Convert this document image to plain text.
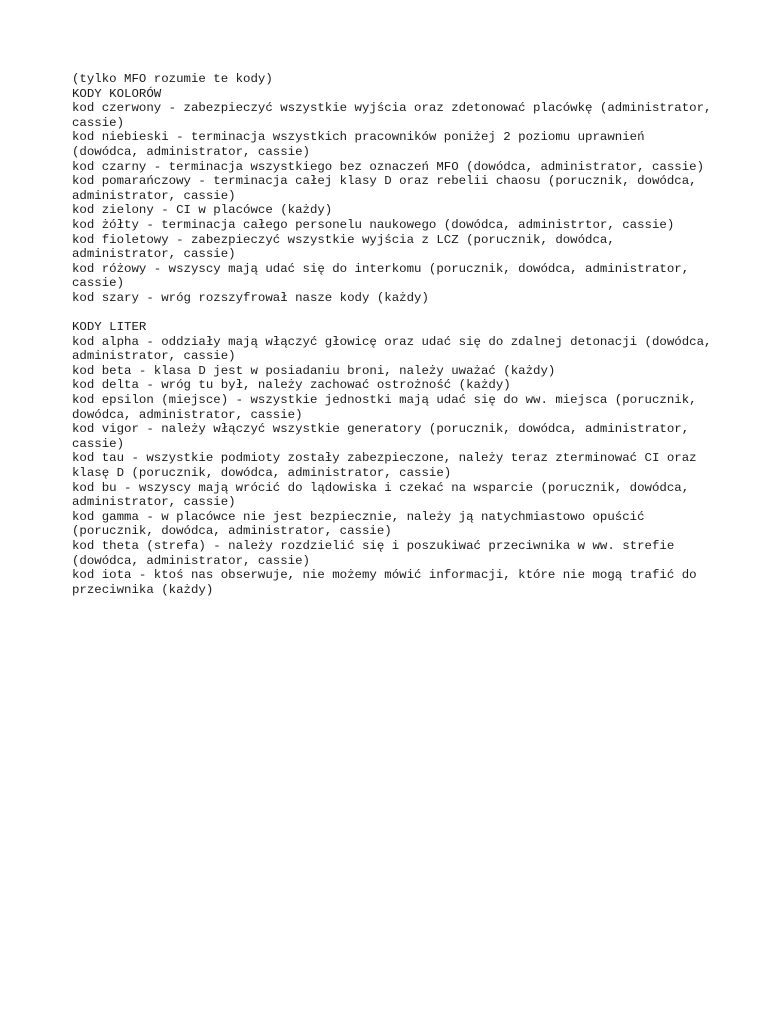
(tylko MFO rozumie te kody)

KODY KOLORÓW

kod czerwony - zabezpieczyć wszystkie wyjścia oraz zdetonować placówkę (administrator, cassie)

kod niebieski - terminacja wszystkich pracowników poniżej 2 poziomu uprawnień (dowódca, administrator, cassie)

kod czarny - terminacja wszystkiego bez oznaczeń MFO (dowódca, administrator, cassie)

kod pomarańczowy - terminacja całej klasy D oraz rebelii chaosu (porucznik, dowódca, administrator, cassie)

kod zielony - CI w placówce (każdy)

kod żółty - terminacja całego personelu naukowego (dowódca, administrtor, cassie)

kod fioletowy - zabezpieczyć wszystkie wyjścia z LCZ (porucznik, dowódca, administrator, cassie)

kod różowy - wszyscy mają udać się do interkomu (porucznik, dowódca, administrator, cassie)

kod szary - wróg rozszyfrował nasze kody (każdy)

KODY LITER

kod alpha - oddziały mają włączyć głowicę oraz udać się do zdalnej detonacji (dowódca, administrator, cassie)

kod beta - klasa D jest w posiadaniu broni, należy uważać (każdy)

kod delta - wróg tu był, należy zachować ostrożność (każdy)

kod epsilon (miejsce) - wszystkie jednostki mają udać się do ww. miejsca (porucznik, dowódca, administrator, cassie)

kod vigor - należy włączyć wszystkie generatory (porucznik, dowódca, administrator, cassie)

kod tau - wszystkie podmioty zostały zabezpieczone, należy teraz zterminować CI oraz klasę D (porucznik, dowódca, administrator, cassie)

kod bu - wszyscy mają wrócić do lądowiska i czekać na wsparcie (porucznik, dowódca, administrator, cassie)

kod gamma - w placówce nie jest bezpiecznie, należy ją natychmiastowo opuścić (porucznik, dowódca, administrator, cassie)

kod theta (strefa) - należy rozdzielić się i poszukiwać przeciwnika w ww. strefie (dowódca, administrator, cassie)

kod iota - ktoś nas obserwuje, nie możemy mówić informacji, które nie mogą trafić do przeciwnika (każdy)
